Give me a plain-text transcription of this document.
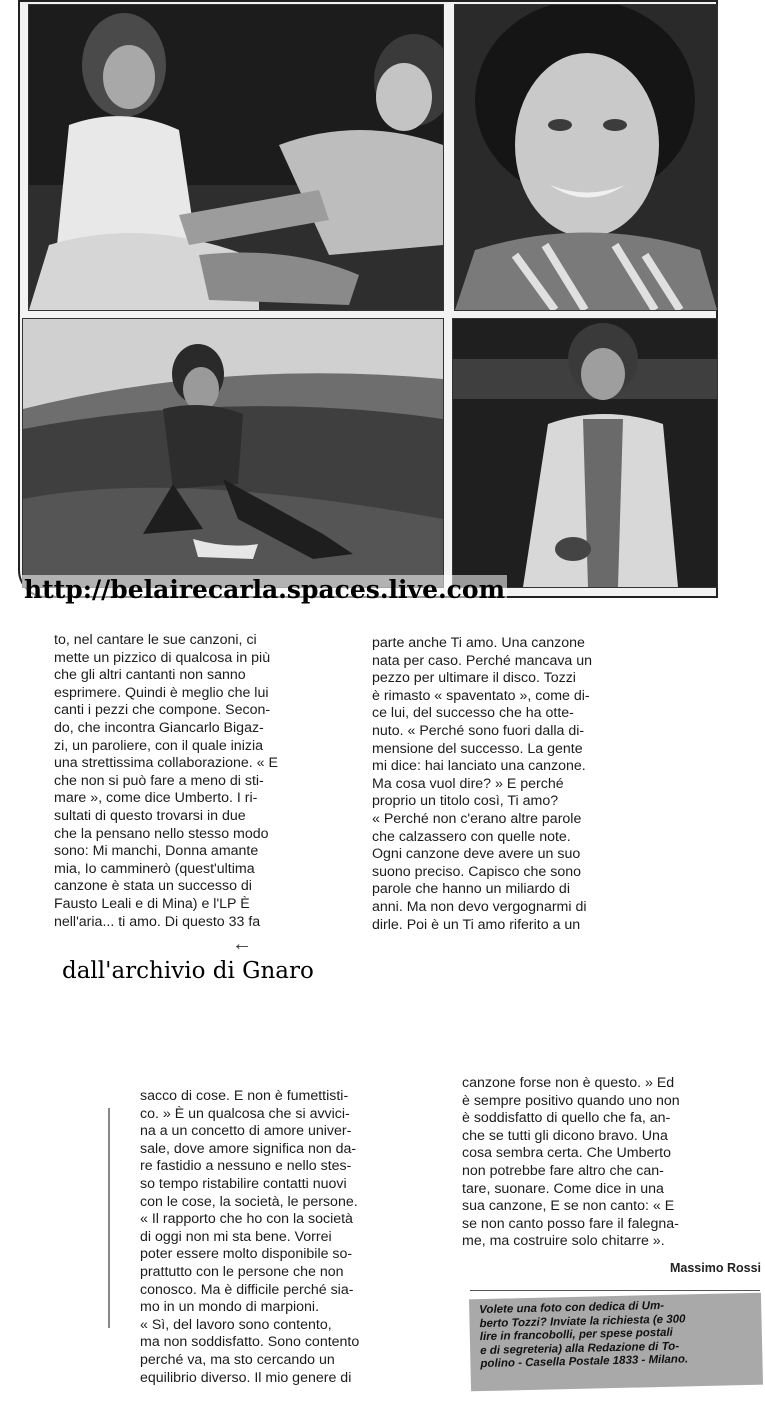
http://belairecarla.spaces.live.com

to, nel cantare le sue canzoni, ci
mette un pizzico di qualcosa in più
che gli altri cantanti non sanno
esprimere. Quindi è meglio che lui
canti i pezzi che compone. Secon-
do, che incontra Giancarlo Bigaz-
zi, un paroliere, con il quale inizia
una strettissima collaborazione. « E
che non si può fare a meno di sti-
mare », come dice Umberto. I ri-
sultati di questo trovarsi in due
che la pensano nello stesso modo
sono: Mi manchi, Donna amante
mia, Io camminerò (quest'ultima
canzone è stata un successo di
Fausto Leali e di Mina) e l'LP È
nell'aria... ti amo. Di questo 33 fa

parte anche Ti amo. Una canzone
nata per caso. Perché mancava un
pezzo per ultimare il disco. Tozzi
è rimasto « spaventato », come di-
ce lui, del successo che ha otte-
nuto. « Perché sono fuori dalla di-
mensione del successo. La gente
mi dice: hai lanciato una canzone.
Ma cosa vuol dire? » E perché
proprio un titolo così, Ti amo?
« Perché non c'erano altre parole
che calzassero con quelle note.
Ogni canzone deve avere un suo
suono preciso. Capisco che sono
parole che hanno un miliardo di
anni. Ma non devo vergognarmi di
dirle. Poi è un Ti amo riferito a un

←
dall'archivio di Gnaro

sacco di cose. E non è fumettisti-
co. » È un qualcosa che si avvici-
na a un concetto di amore univer-
sale, dove amore significa non da-
re fastidio a nessuno e nello stes-
so tempo ristabilire contatti nuovi
con le cose, la società, le persone.
« Il rapporto che ho con la società
di oggi non mi sta bene. Vorrei
poter essere molto disponibile so-
prattutto con le persone che non
conosco. Ma è difficile perché sia-
mo in un mondo di marpioni.
« Sì, del lavoro sono contento,
ma non soddisfatto. Sono contento
perché va, ma sto cercando un
equilibrio diverso. Il mio genere di

canzone forse non è questo. » Ed
è sempre positivo quando uno non
è soddisfatto di quello che fa, an-
che se tutti gli dicono bravo. Una
cosa sembra certa. Che Umberto
non potrebbe fare altro che can-
tare, suonare. Come dice in una
sua canzone, E se non canto: « E
se non canto posso fare il falegna-
me, ma costruire solo chitarre ».

Massimo Rossi
Volete una foto con dedica di Um-
berto Tozzi? Inviate la richiesta (e 300
lire in francobolli, per spese postali
e di segreteria) alla Redazione di To-
polino - Casella Postale 1833 - Milano.
